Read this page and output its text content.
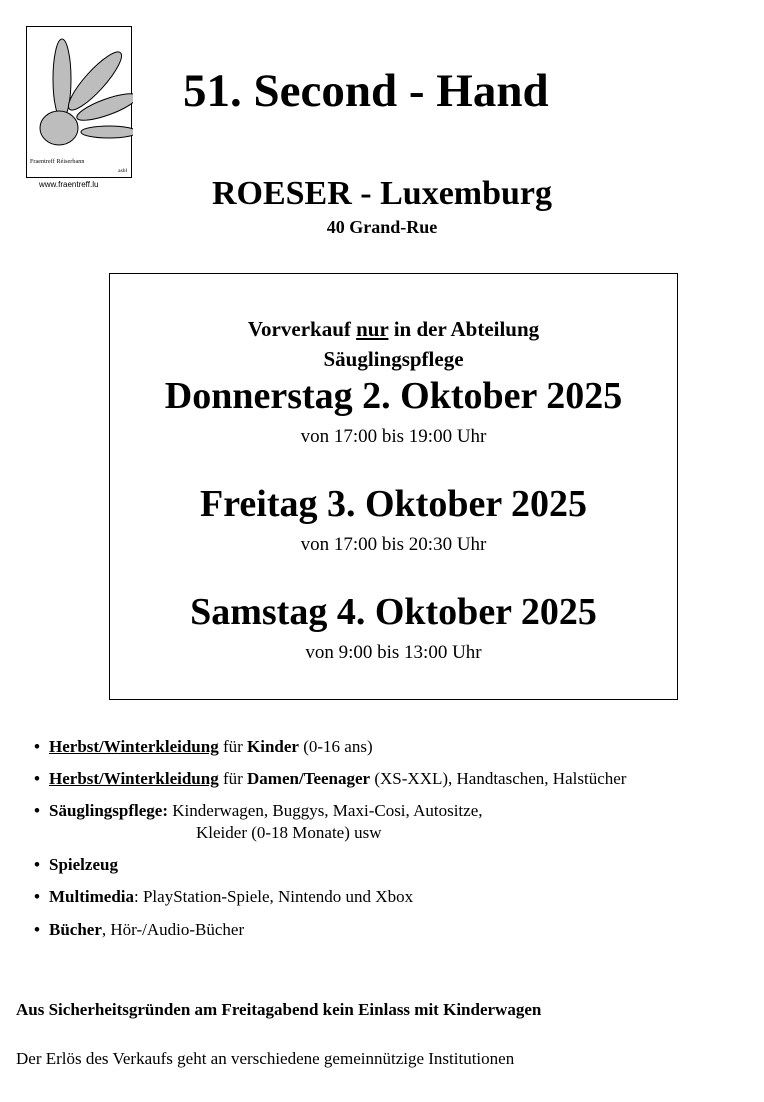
Fraentreff Réiserbann
asbl
www.fraentreff.lu
51. Second - Hand
ROESER - Luxemburg
40 Grand-Rue
Vorverkauf nur in der Abteilung
Säuglingspflege
Donnerstag 2. Oktober 2025
von 17:00 bis 19:00 Uhr
Freitag 3. Oktober 2025
von 17:00 bis 20:30 Uhr
Samstag 4. Oktober 2025
von 9:00 bis 13:00 Uhr
• Herbst/Winterkleidung für Kinder (0-16 ans)
• Herbst/Winterkleidung für Damen/Teenager (XS-XXL), Handtaschen, Halstücher
• Säuglingspflege: Kinderwagen, Buggys, Maxi-Cosi, Autositze,
Kleider (0-18 Monate) usw
• Spielzeug
• Multimedia: PlayStation-Spiele, Nintendo und Xbox
• Bücher, Hör-/Audio-Bücher
Aus Sicherheitsgründen am Freitagabend kein Einlass mit Kinderwagen
Der Erlös des Verkaufs geht an verschiedene gemeinnützige Institutionen
